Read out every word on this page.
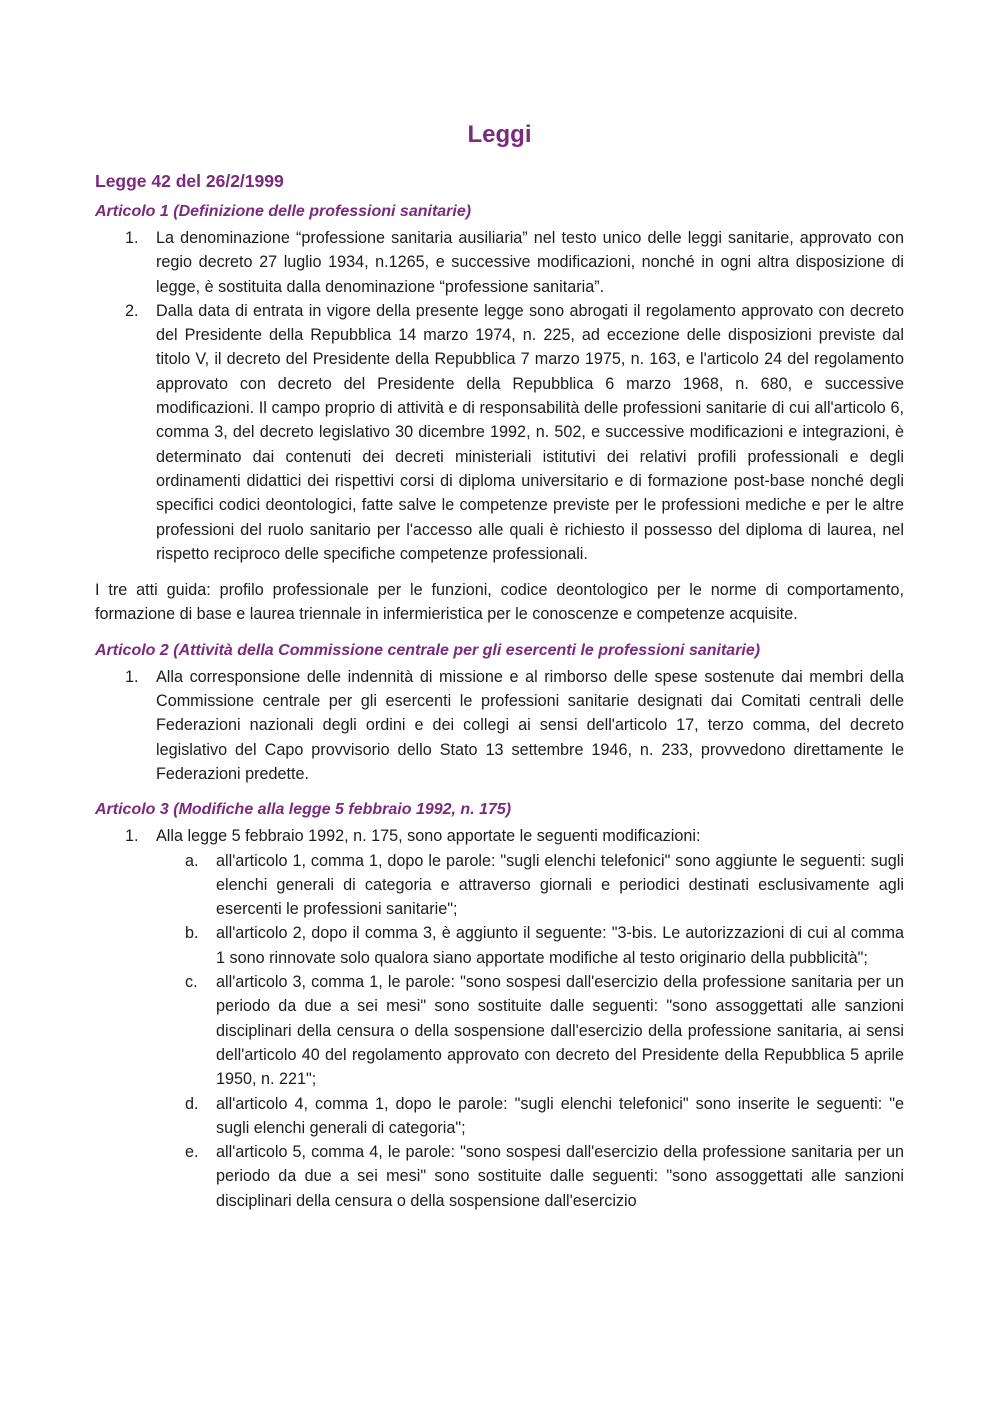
Leggi
Legge 42 del 26/2/1999
Articolo 1 (Definizione delle professioni sanitarie)
1.	La denominazione “professione sanitaria ausiliaria” nel testo unico delle leggi sanitarie, approvato con regio decreto 27 luglio 1934, n.1265, e successive modificazioni, nonché in ogni altra disposizione di legge, è sostituita dalla denominazione “professione sanitaria”.
2.	Dalla data di entrata in vigore della presente legge sono abrogati il regolamento approvato con decreto del Presidente della Repubblica 14 marzo 1974, n. 225, ad eccezione delle disposizioni previste dal titolo V, il decreto del Presidente della Repubblica 7 marzo 1975, n. 163, e l'articolo 24 del regolamento approvato con decreto del Presidente della Repubblica 6 marzo 1968, n. 680, e successive modificazioni. Il campo proprio di attività e di responsabilità delle professioni sanitarie di cui all'articolo 6, comma 3, del decreto legislativo 30 dicembre 1992, n. 502, e successive modificazioni e integrazioni, è determinato dai contenuti dei decreti ministeriali istitutivi dei relativi profili professionali e degli ordinamenti didattici dei rispettivi corsi di diploma universitario e di formazione post-base nonché degli specifici codici deontologici, fatte salve le competenze previste per le professioni mediche e per le altre professioni del ruolo sanitario per l'accesso alle quali è richiesto il possesso del diploma di laurea, nel rispetto reciproco delle specifiche competenze professionali.

I tre atti guida: profilo professionale per le funzioni, codice deontologico per le norme di comportamento, formazione di base e laurea triennale in infermieristica per le conoscenze e competenze acquisite.

Articolo 2 (Attività della Commissione centrale per gli esercenti le professioni sanitarie)
1.	Alla corresponsione delle indennità di missione e al rimborso delle spese sostenute dai membri della Commissione centrale per gli esercenti le professioni sanitarie designati dai Comitati centrali delle Federazioni nazionali degli ordini e dei collegi ai sensi dell'articolo 17, terzo comma, del decreto legislativo del Capo provvisorio dello Stato 13 settembre 1946, n. 233, provvedono direttamente le Federazioni predette.
Articolo 3 (Modifiche alla legge 5 febbraio 1992, n. 175)
1.	Alla legge 5 febbraio 1992, n. 175, sono apportate le seguenti modificazioni:
a. all'articolo 1, comma 1, dopo le parole: "sugli elenchi telefonici" sono aggiunte le seguenti: sugli elenchi generali di categoria e attraverso giornali e periodici destinati esclusivamente agli esercenti le professioni sanitarie";
b. all'articolo 2, dopo il comma 3, è aggiunto il seguente: "3-bis. Le autorizzazioni di cui al comma 1 sono rinnovate solo qualora siano apportate modifiche al testo originario della pubblicità";
c. all'articolo 3, comma 1, le parole: "sono sospesi dall'esercizio della professione sanitaria per un periodo da due a sei mesi" sono sostituite dalle seguenti: "sono assoggettati alle sanzioni disciplinari della censura o della sospensione dall'esercizio della professione sanitaria, ai sensi dell'articolo 40 del regolamento approvato con decreto del Presidente della Repubblica 5 aprile 1950, n. 221";
d. all'articolo 4, comma 1, dopo le parole: "sugli elenchi telefonici" sono inserite le seguenti: "e sugli elenchi generali di categoria";
e. all'articolo 5, comma 4, le parole: "sono sospesi dall'esercizio della professione sanitaria per un periodo da due a sei mesi" sono sostituite dalle seguenti: "sono assoggettati alle sanzioni disciplinari della censura o della sospensione dall'esercizio
